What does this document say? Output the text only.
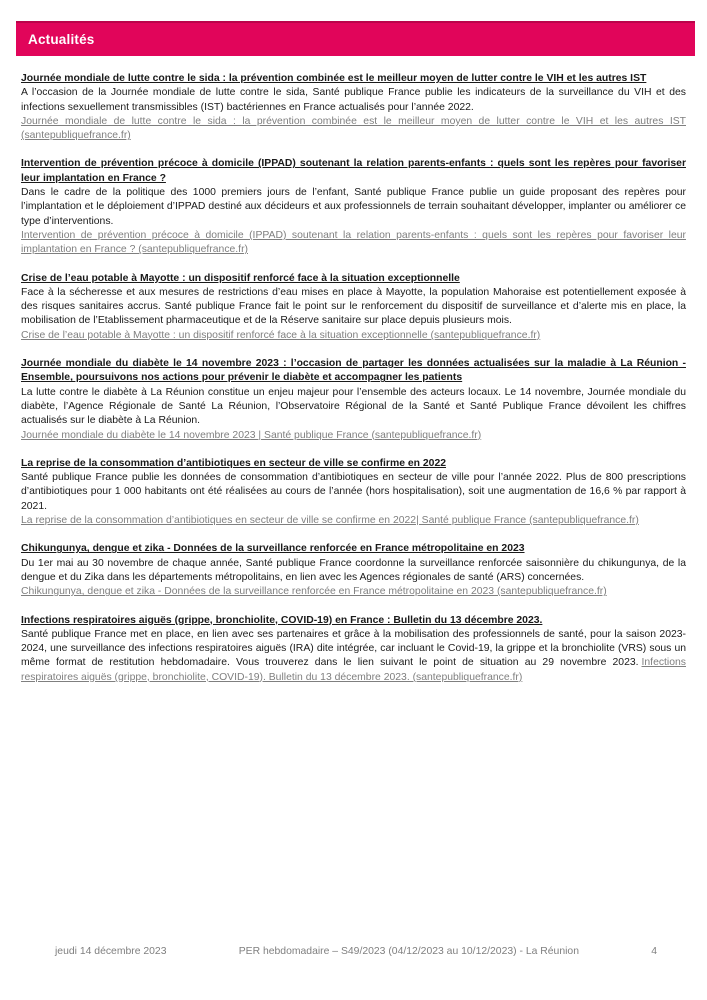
Actualités
Journée mondiale de lutte contre le sida : la prévention combinée est le meilleur moyen de lutter contre le VIH et les autres IST

A l’occasion de la Journée mondiale de lutte contre le sida, Santé publique France publie les indicateurs de la surveillance du VIH et des infections sexuellement transmissibles (IST) bactériennes en France actualisés pour l’année 2022.

Journée mondiale de lutte contre le sida : la prévention combinée est le meilleur moyen de lutter contre le VIH et les autres IST (santepubliquefrance.fr)
Intervention de prévention précoce à domicile (IPPAD) soutenant la relation parents-enfants : quels sont les repères pour favoriser leur implantation en France ?

Dans le cadre de la politique des 1000 premiers jours de l’enfant, Santé publique France publie un guide proposant des repères pour l’implantation et le déploiement d’IPPAD destiné aux décideurs et aux professionnels de terrain souhaitant développer, implanter ou améliorer ce type d’interventions.

Intervention de prévention précoce à domicile (IPPAD) soutenant la relation parents-enfants : quels sont les repères pour favoriser leur implantation en France ? (santepubliquefrance.fr)
Crise de l’eau potable à Mayotte : un dispositif renforcé face à la situation exceptionnelle

Face à la sécheresse et aux mesures de restrictions d’eau mises en place à Mayotte, la population Mahoraise est potentiellement exposée à des risques sanitaires accrus. Santé publique France fait le point sur le renforcement du dispositif de surveillance et d’alerte mis en place, la mobilisation de l’Etablissement pharmaceutique et de la Réserve sanitaire sur place depuis plusieurs mois.

Crise de l’eau potable à Mayotte : un dispositif renforcé face à la situation exceptionnelle (santepubliquefrance.fr)
Journée mondiale du diabète le 14 novembre 2023 : l’occasion de partager les données actualisées sur la maladie à La Réunion - Ensemble, poursuivons nos actions pour prévenir le diabète et accompagner les patients

La lutte contre le diabète à La Réunion constitue un enjeu majeur pour l’ensemble des acteurs locaux. Le 14 novembre, Journée mondiale du diabète, l’Agence Régionale de Santé La Réunion, l’Observatoire Régional de la Santé et Santé Publique France dévoilent les chiffres actualisés sur le diabète à La Réunion.

Journée mondiale du diabète le 14 novembre 2023 | Santé publique France (santepubliquefrance.fr)
La reprise de la consommation d’antibiotiques en secteur de ville se confirme en 2022

Santé publique France publie les données de consommation d’antibiotiques en secteur de ville pour l’année 2022. Plus de 800 prescriptions d’antibiotiques pour 1 000 habitants ont été réalisées au cours de l’année (hors hospitalisation), soit une augmentation de 16,6 % par rapport à 2021.

La reprise de la consommation d’antibiotiques en secteur de ville se confirme en 2022| Santé publique France (santepubliquefrance.fr)
Chikungunya, dengue et zika - Données de la surveillance renforcée en France métropolitaine en 2023

Du 1er mai au 30 novembre de chaque année, Santé publique France coordonne la surveillance renforcée saisonnière du chikungunya, de la dengue et du Zika dans les départements métropolitains, en lien avec les Agences régionales de santé (ARS) concernées.

Chikungunya, dengue et zika - Données de la surveillance renforcée en France métropolitaine en 2023 (santepubliquefrance.fr)
Infections respiratoires aiguës (grippe, bronchiolite, COVID-19) en France : Bulletin du 13 décembre 2023.

Santé publique France met en place, en lien avec ses partenaires et grâce à la mobilisation des professionnels de santé, pour la saison 2023-2024, une surveillance des infections respiratoires aiguës (IRA) dite intégrée, car incluant le Covid-19, la grippe et la bronchiolite (VRS) sous un même format de restitution hebdomadaire. Vous trouverez dans le lien suivant le point de situation au 29 novembre 2023. Infections respiratoires aiguës (grippe, bronchiolite, COVID-19). Bulletin du 13 décembre 2023. (santepubliquefrance.fr)

jeudi 14 décembre 2023	PER hebdomadaire – S49/2023 (04/12/2023 au 10/12/2023) - La Réunion	4
